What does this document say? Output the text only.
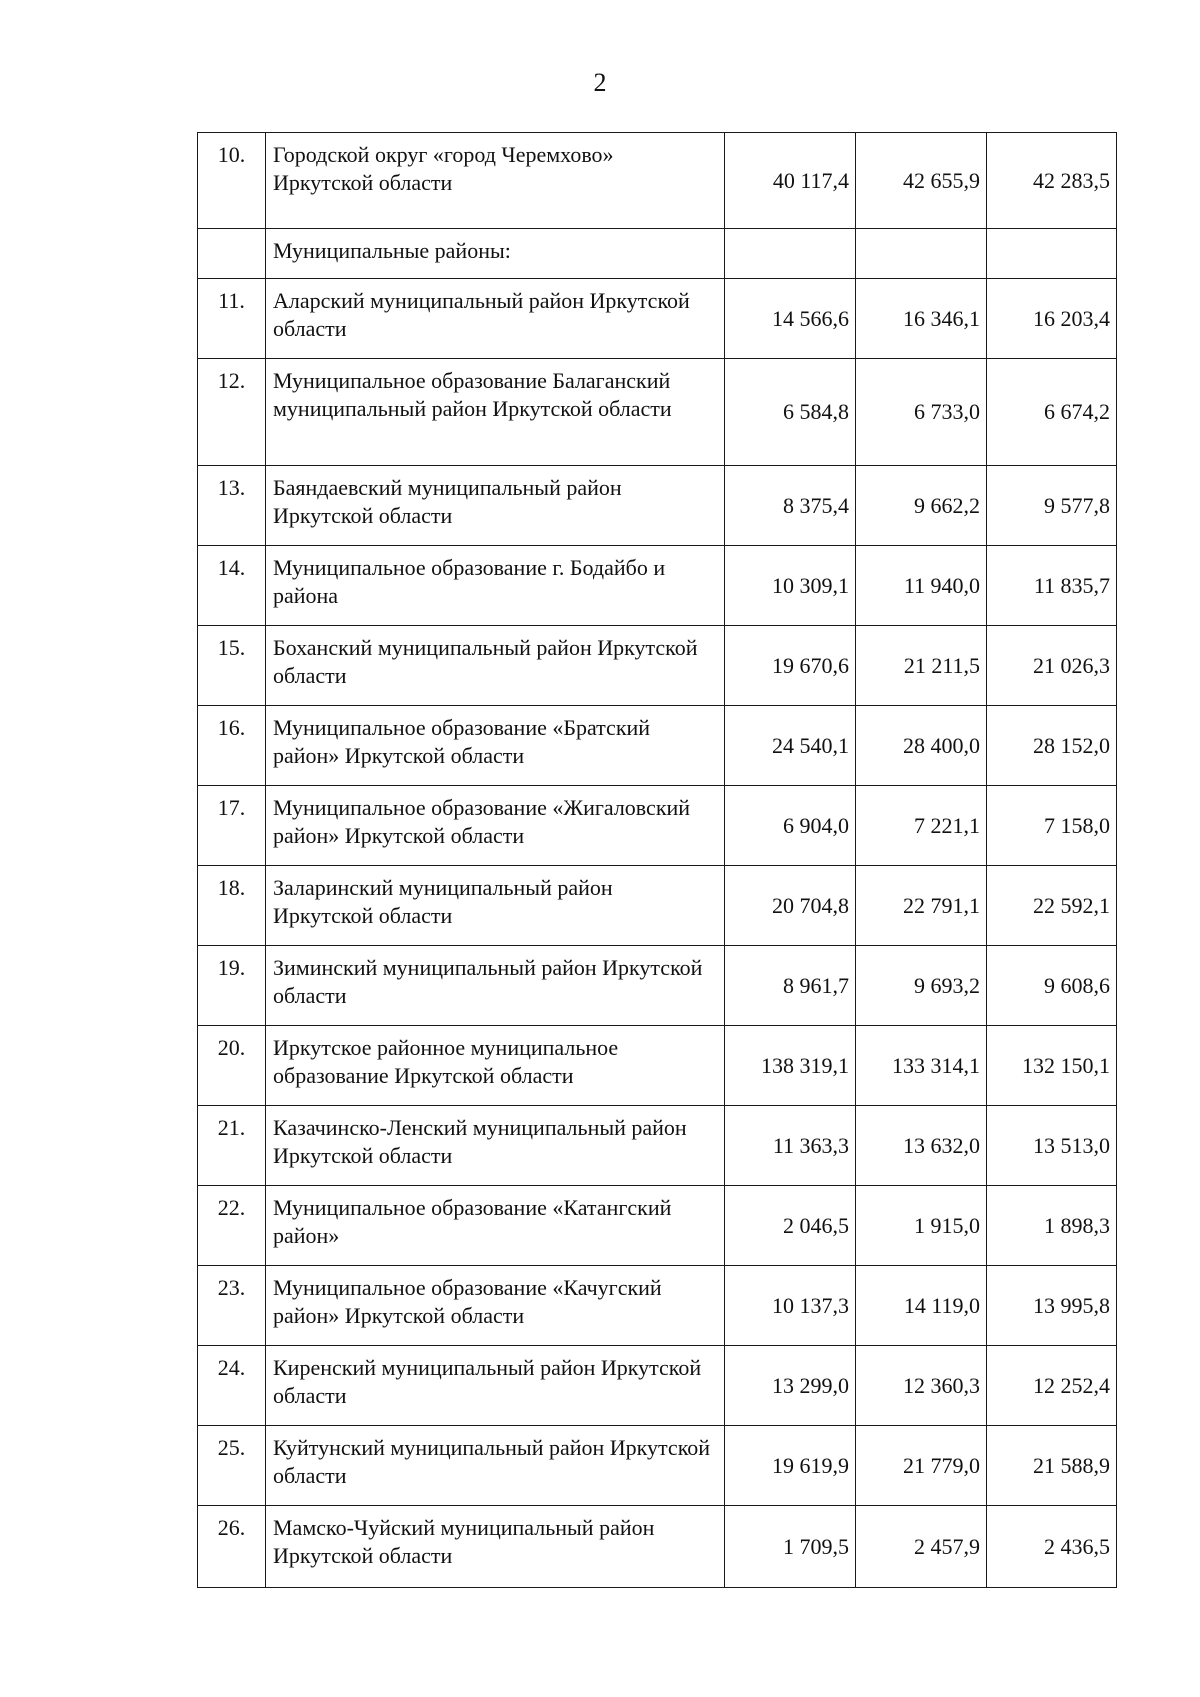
2
10.	Городской округ «город Черемхово» Иркутской области	40 117,4	42 655,9	42 283,5
	Муниципальные районы:			
11.	Аларский муниципальный район Иркутской области	14 566,6	16 346,1	16 203,4
12.	Муниципальное образование Балаганский муниципальный район Иркутской области	6 584,8	6 733,0	6 674,2
13.	Баяндаевский муниципальный район Иркутской области	8 375,4	9 662,2	9 577,8
14.	Муниципальное образование г. Бодайбо и района	10 309,1	11 940,0	11 835,7
15.	Боханский муниципальный район Иркутской области	19 670,6	21 211,5	21 026,3
16.	Муниципальное образование «Братский район» Иркутской области	24 540,1	28 400,0	28 152,0
17.	Муниципальное образование «Жигаловский район» Иркутской области	6 904,0	7 221,1	7 158,0
18.	Заларинский муниципальный район Иркутской области	20 704,8	22 791,1	22 592,1
19.	Зиминский муниципальный район Иркутской области	8 961,7	9 693,2	9 608,6
20.	Иркутское районное муниципальное образование Иркутской области	138 319,1	133 314,1	132 150,1
21.	Казачинско-Ленский муниципальный район Иркутской области	11 363,3	13 632,0	13 513,0
22.	Муниципальное образование «Катангский район»	2 046,5	1 915,0	1 898,3
23.	Муниципальное образование «Качугский район» Иркутской области	10 137,3	14 119,0	13 995,8
24.	Киренский муниципальный район Иркутской области	13 299,0	12 360,3	12 252,4
25.	Куйтунский муниципальный район Иркутской области	19 619,9	21 779,0	21 588,9
26.	Мамско-Чуйский муниципальный район Иркутской области	1 709,5	2 457,9	2 436,5
